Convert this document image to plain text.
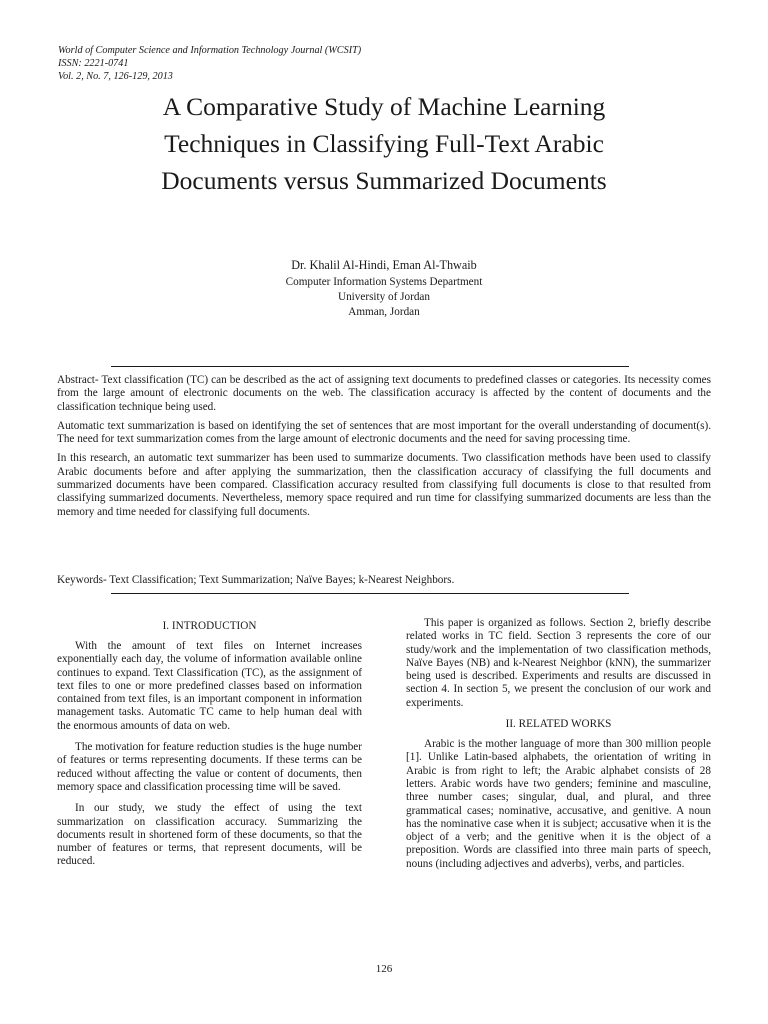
World of Computer Science and Information Technology Journal (WCSIT)
ISSN: 2221-0741
Vol. 2, No. 7, 126-129, 2013
A Comparative Study of Machine Learning
Techniques in Classifying Full-Text Arabic
Documents versus Summarized Documents
Dr. Khalil Al-Hindi, Eman Al-Thwaib
Computer Information Systems Department
University of Jordan
Amman, Jordan

Abstract- Text classification (TC) can be described as the act of assigning text documents to predefined classes or categories. Its necessity comes from the large amount of electronic documents on the web. The classification accuracy is affected by the content of documents and the classification technique being used.

Automatic text summarization is based on identifying the set of sentences that are most important for the overall understanding of document(s). The need for text summarization comes from the large amount of electronic documents and the need for saving processing time.

In this research, an automatic text summarizer has been used to summarize documents. Two classification methods have been used to classify Arabic documents before and after applying the summarization, then the classification accuracy of classifying the full documents and summarized documents have been compared. Classification accuracy resulted from classifying full documents is close to that resulted from classifying summarized documents. Nevertheless, memory space required and run time for classifying summarized documents are less than the memory and time needed for classifying full documents.

Keywords- Text Classification; Text Summarization; Naïve Bayes; k-Nearest Neighbors.
I. INTRODUCTION

With the amount of text files on Internet increases exponentially each day, the volume of information available online continues to expand. Text Classification (TC), as the assignment of text files to one or more predefined classes based on information contained from text files, is an important component in information management tasks. Automatic TC came to help human deal with the enormous amounts of data on web.

The motivation for feature reduction studies is the huge number of features or terms representing documents. If these terms can be reduced without affecting the value or content of documents, then memory space and classification processing time will be saved.

In our study, we study the effect of using the text summarization on classification accuracy. Summarizing the documents result in shortened form of these documents, so that the number of features or terms, that represent documents, will be reduced.

This paper is organized as follows. Section 2, briefly describe related works in TC field. Section 3 represents the core of our study/work and the implementation of two classification methods, Naïve Bayes (NB) and k-Nearest Neighbor (kNN), the summarizer being used is described. Experiments and results are discussed in section 4. In section 5, we present the conclusion of our work and experiments.

II. RELATED WORKS

Arabic is the mother language of more than 300 million people [1]. Unlike Latin-based alphabets, the orientation of writing in Arabic is from right to left; the Arabic alphabet consists of 28 letters. Arabic words have two genders; feminine and masculine, three number cases; singular, dual, and plural, and three grammatical cases; nominative, accusative, and genitive. A noun has the nominative case when it is subject; accusative when it is the object of a verb; and the genitive when it is the object of a preposition. Words are classified into three main parts of speech, nouns (including adjectives and adverbs), verbs, and particles.

126
